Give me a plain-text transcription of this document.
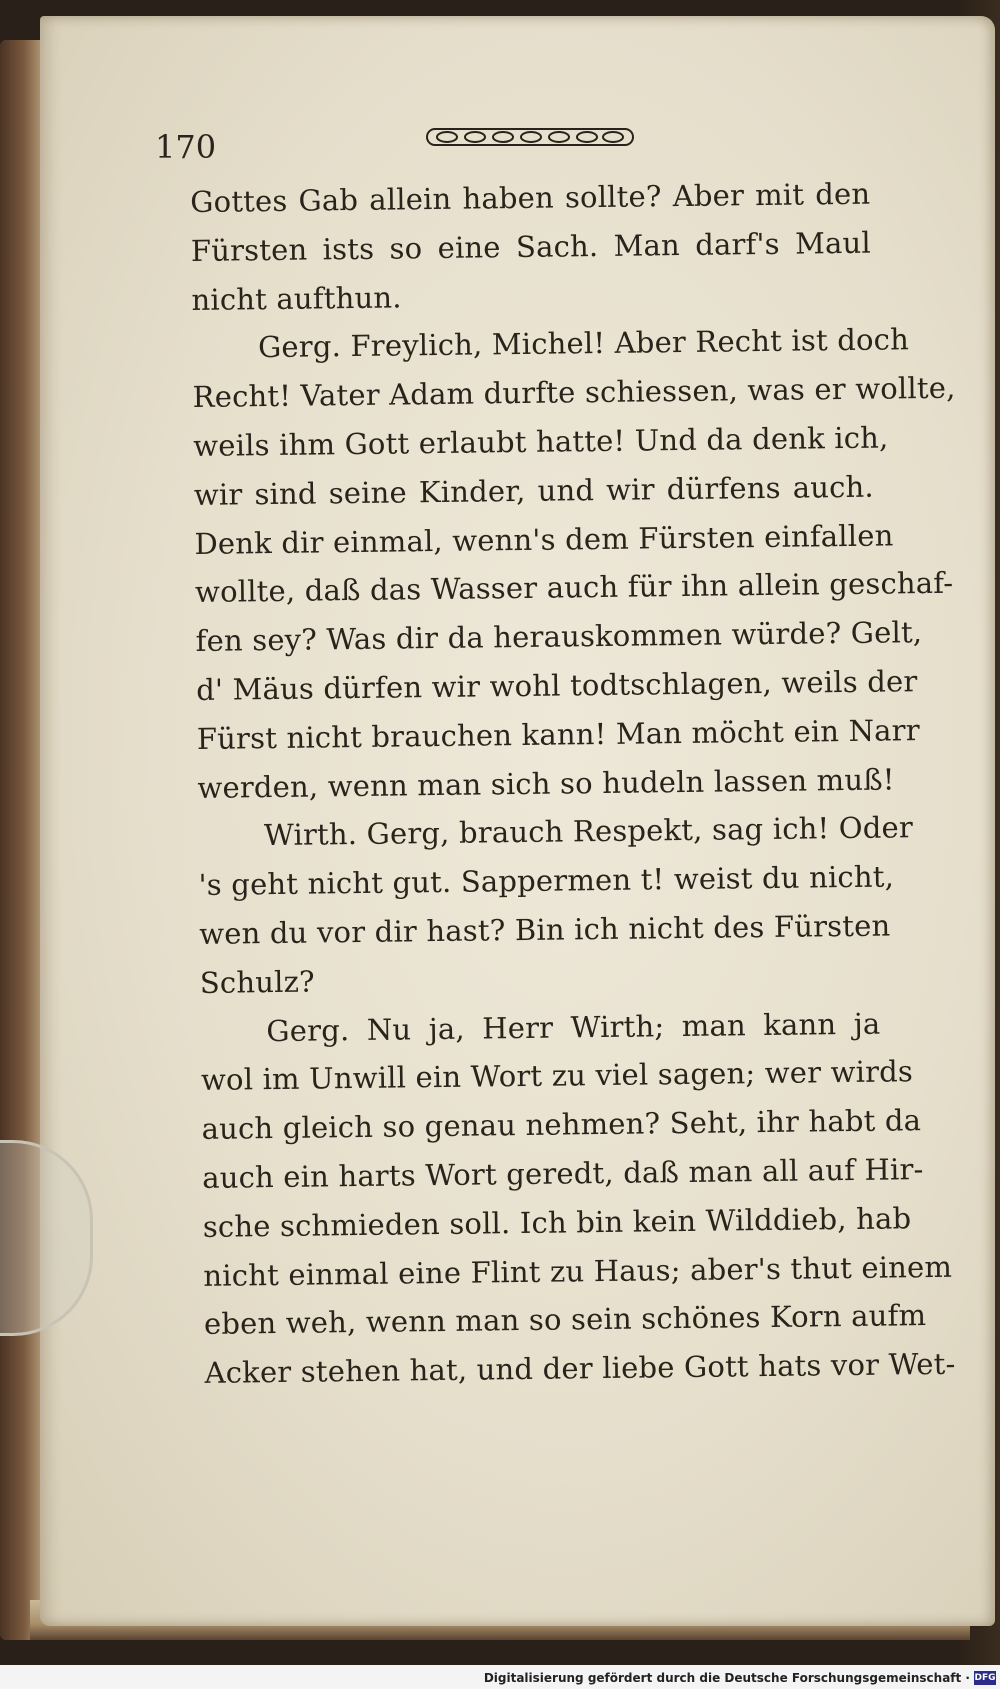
170
Gottes Gab allein haben sollte? Aber mit den
Fürsten ists so eine Sach. Man darf's Maul
nicht aufthun.
Gerg. Freylich, Michel! Aber Recht ist doch
Recht! Vater Adam durfte schiessen, was er wollte,
weils ihm Gott erlaubt hatte! Und da denk ich,
wir sind seine Kinder, und wir dürfens auch.
Denk dir einmal, wenn's dem Fürsten einfallen
wollte, daß das Wasser auch für ihn allein geschaf-
fen sey? Was dir da herauskommen würde? Gelt,
d' Mäus dürfen wir wohl todtschlagen, weils der
Fürst nicht brauchen kann! Man möcht ein Narr
werden, wenn man sich so hudeln lassen muß!
Wirth. Gerg, brauch Respekt, sag ich! Oder
's geht nicht gut. Sappermen t! weist du nicht,
wen du vor dir hast? Bin ich nicht des Fürsten
Schulz?
Gerg. Nu ja, Herr Wirth; man kann ja
wol im Unwill ein Wort zu viel sagen; wer wirds
auch gleich so genau nehmen? Seht, ihr habt da
auch ein harts Wort geredt, daß man all auf Hir-
sche schmieden soll. Ich bin kein Wilddieb, hab
nicht einmal eine Flint zu Haus; aber's thut einem
eben weh, wenn man so sein schönes Korn aufm
Acker stehen hat, und der liebe Gott hats vor Wet-
Digitalisierung gefördert durch die Deutsche Forschungsgemeinschaft · DFG
